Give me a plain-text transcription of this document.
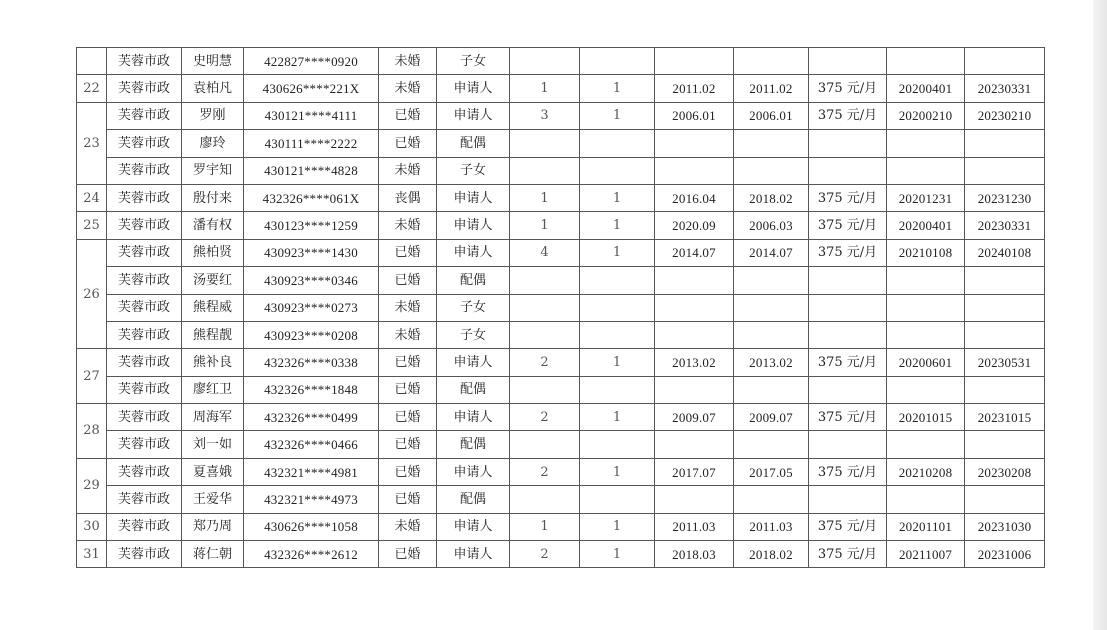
	芙蓉市政	史明慧	422827****0920	未婚	子女							
22	芙蓉市政	袁柏凡	430626****221X	未婚	申请人	1	1	2011.02	2011.02	375 元/月	20200401	20230331
23	芙蓉市政	罗刚	430121****4111	已婚	申请人	3	1	2006.01	2006.01	375 元/月	20200210	20230210
	芙蓉市政	廖玲	430111****2222	已婚	配偶							
	芙蓉市政	罗宇知	430121****4828	未婚	子女							
24	芙蓉市政	殷付来	432326****061X	丧偶	申请人	1	1	2016.04	2018.02	375 元/月	20201231	20231230
25	芙蓉市政	潘有权	430123****1259	未婚	申请人	1	1	2020.09	2006.03	375 元/月	20200401	20230331
26	芙蓉市政	熊柏贤	430923****1430	已婚	申请人	4	1	2014.07	2014.07	375 元/月	20210108	20240108
	芙蓉市政	汤要红	430923****0346	已婚	配偶							
	芙蓉市政	熊程威	430923****0273	未婚	子女							
	芙蓉市政	熊程靓	430923****0208	未婚	子女							
27	芙蓉市政	熊补良	432326****0338	已婚	申请人	2	1	2013.02	2013.02	375 元/月	20200601	20230531
	芙蓉市政	廖红卫	432326****1848	已婚	配偶							
28	芙蓉市政	周海军	432326****0499	已婚	申请人	2	1	2009.07	2009.07	375 元/月	20201015	20231015
	芙蓉市政	刘一如	432326****0466	已婚	配偶							
29	芙蓉市政	夏喜娥	432321****4981	已婚	申请人	2	1	2017.07	2017.05	375 元/月	20210208	20230208
	芙蓉市政	王爱华	432321****4973	已婚	配偶							
30	芙蓉市政	郑乃周	430626****1058	未婚	申请人	1	1	2011.03	2011.03	375 元/月	20201101	20231030
31	芙蓉市政	蒋仁朝	432326****2612	已婚	申请人	2	1	2018.03	2018.02	375 元/月	20211007	20231006
